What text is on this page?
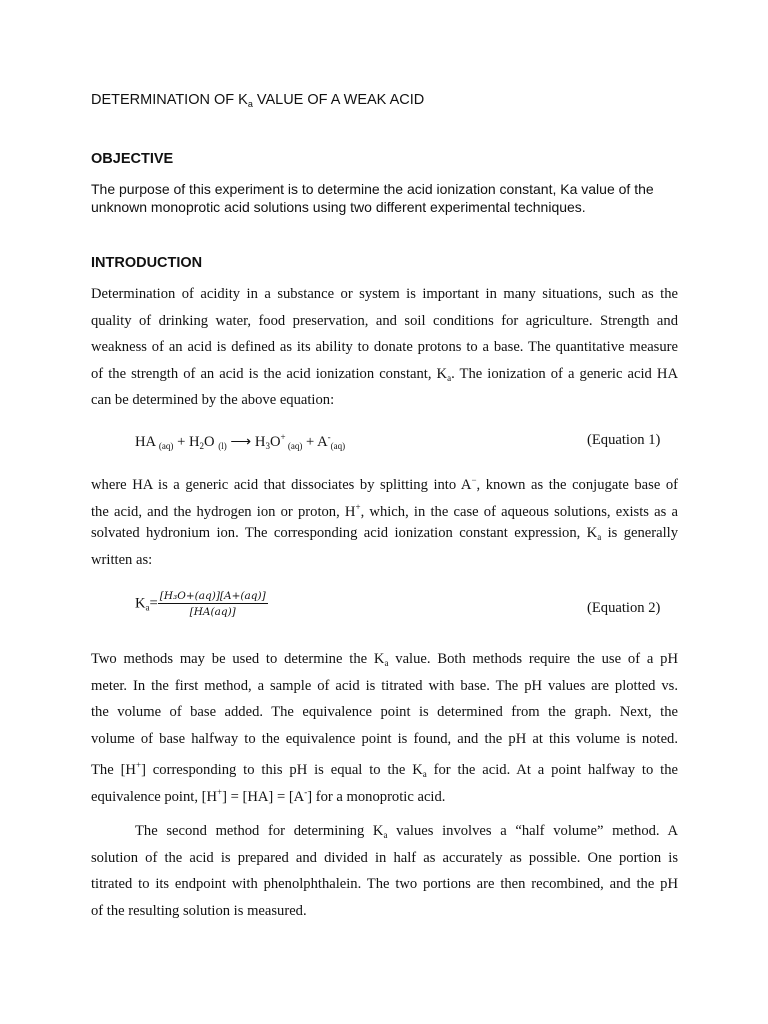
DETERMINATION OF $K_a$ VALUE OF A WEAK ACID
OBJECTIVE
The purpose of this experiment is to determine the acid ionization constant, Ka value of the
unknown monoprotic acid solutions using two different experimental techniques.
INTRODUCTION
Determination of acidity in a substance or system is important in many situations, such as the
quality of drinking water, food preservation, and soil conditions for agriculture. Strength and
weakness of an acid is defined as its ability to donate protons to a base. The quantitative measure
of the strength of an acid is the acid ionization constant, $K_a$. The ionization of a generic acid HA
can be determined by the above equation:
HA $_{(aq)} + H_2O$ $_{(l)}$ ⟶ $H_3O^+$ $_{(aq)} + A^-_{(aq)}$	(Equation 1)
where HA is a generic acid that dissociates by splitting into A−, known as the conjugate base of
the acid, and the hydrogen ion or proton, H+, which, in the case of aqueous solutions, exists as a
solvated hydronium ion. The corresponding acid ionization constant expression, $K_a$ is generally
written as:
$K_a= \frac{\text{[H₃O+(aq)][A+(aq)]}}{[HA(aq)]}$	(Equation 2)
Two methods may be used to determine the $K_a$ value. Both methods require the use of a pH
meter. In the first method, a sample of acid is titrated with base. The pH values are plotted vs.
the volume of base added. The equivalence point is determined from the graph. Next, the
volume of base halfway to the equivalence point is found, and the pH at this volume is noted.
The [H+] corresponding to this pH is equal to the $K_a$ for the acid. At a point halfway to the
equivalence point, [H+] = [HA] = [A-] for a monoprotic acid.
The second method for determining $K_a$ values involves a “half volume” method. A
solution of the acid is prepared and divided in half as accurately as possible. One portion is
titrated to its endpoint with phenolphthalein. The two portions are then recombined, and the pH
of the resulting solution is measured.
